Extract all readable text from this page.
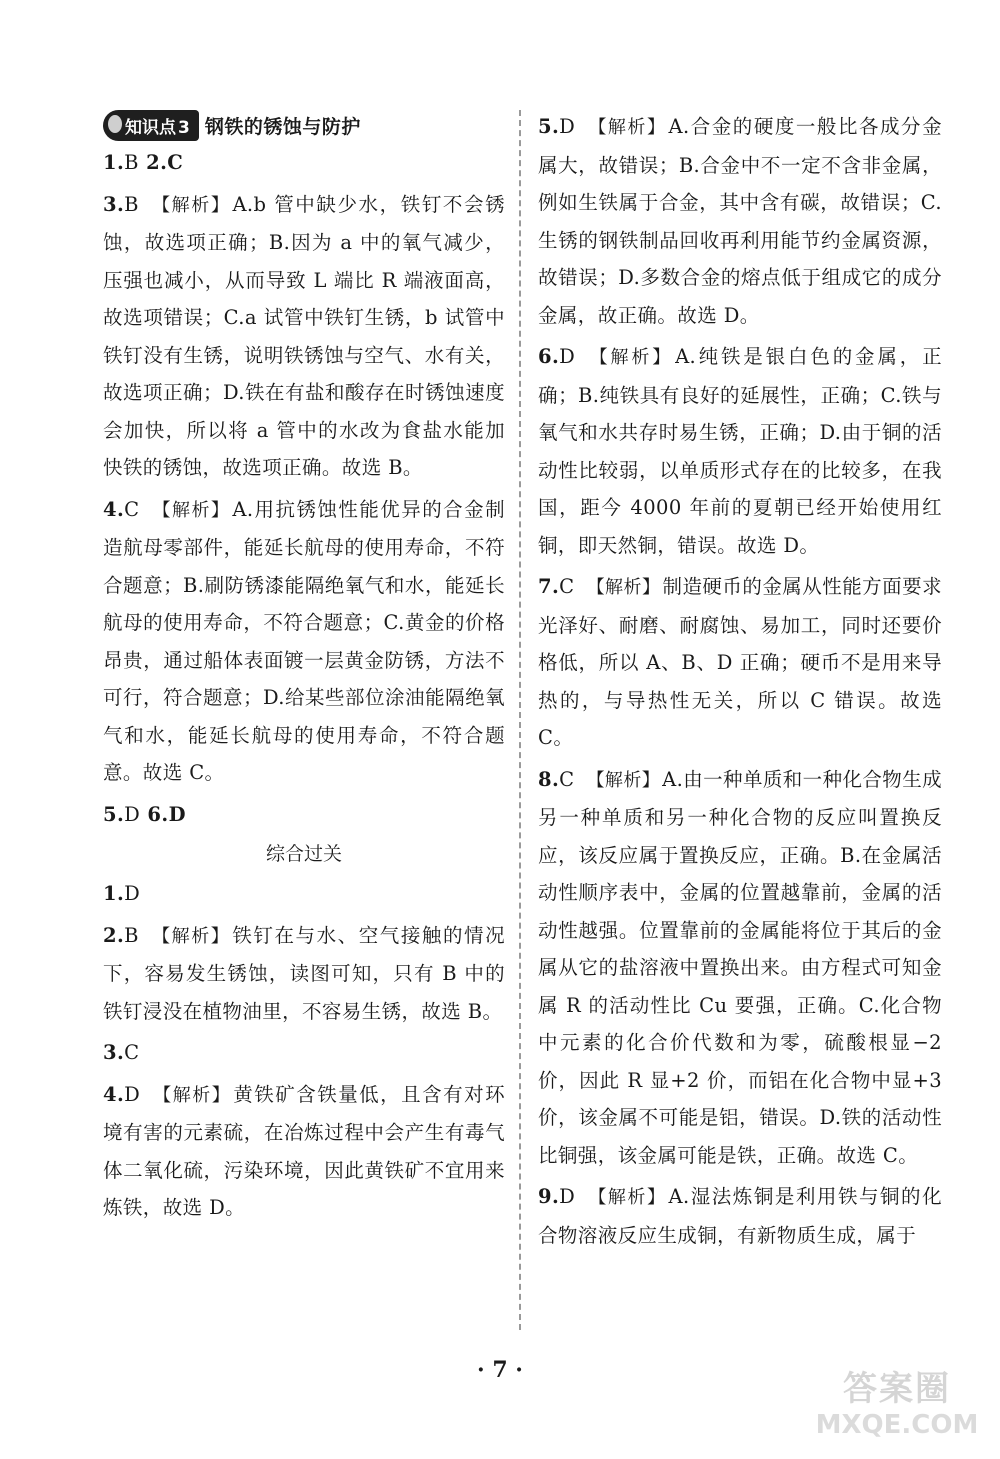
知识点 3 钢铁的锈蚀与防护

1.B 2.C

3.B 【解析】 A.b 管中缺少水，铁钉不会锈蚀，故选项正确；B.因为 a 中的氧气减少，压强也减小，从而导致 L 端比 R 端液面高，故选项错误；C.a 试管中铁钉生锈，b 试管中铁钉没有生锈，说明铁锈蚀与空气、水有关，故选项正确；D.铁在有盐和酸存在时锈蚀速度会加快，所以将 a 管中的水改为食盐水能加快铁的锈蚀，故选项正确。故选 B。

4.C 【解析】 A.用抗锈蚀性能优异的合金制造航母零部件，能延长航母的使用寿命，不符合题意；B.刷防锈漆能隔绝氧气和水，能延长航母的使用寿命，不符合题意；C.黄金的价格昂贵，通过船体表面镀一层黄金防锈，方法不可行，符合题意；D.给某些部位涂油能隔绝氧气和水，能延长航母的使用寿命，不符合题意。故选 C。

5.D 6.D

综合过关

1.D

2.B 【解析】 铁钉在与水、空气接触的情况下，容易发生锈蚀，读图可知，只有 B 中的铁钉浸没在植物油里，不容易生锈，故选 B。

3.C

4.D 【解析】 黄铁矿含铁量低，且含有对环境有害的元素硫，在冶炼过程中会产生有毒气体二氧化硫，污染环境，因此黄铁矿不宜用来炼铁，故选 D。

5.D 【解析】 A.合金的硬度一般比各成分金属大，故错误；B.合金中不一定不含非金属，例如生铁属于合金，其中含有碳，故错误；C.生锈的钢铁制品回收再利用能节约金属资源，故错误；D.多数合金的熔点低于组成它的成分金属，故正确。故选 D。

6.D 【解析】 A.纯铁是银白色的金属，正确；B.纯铁具有良好的延展性，正确；C.铁与氧气和水共存时易生锈，正确；D.由于铜的活动性比较弱，以单质形式存在的比较多，在我国，距今 4000 年前的夏朝已经开始使用红铜，即天然铜，错误。故选 D。

7.C 【解析】 制造硬币的金属从性能方面要求光泽好、耐磨、耐腐蚀、易加工，同时还要价格低，所以 A、B、D 正确；硬币不是用来导热的，与导热性无关，所以 C 错误。故选 C。

8.C 【解析】 A.由一种单质和一种化合物生成另一种单质和另一种化合物的反应叫置换反应，该反应属于置换反应，正确。B.在金属活动性顺序表中，金属的位置越靠前，金属的活动性越强。位置靠前的金属能将位于其后的金属从它的盐溶液中置换出来。由方程式可知金属 R 的活动性比 Cu 要强，正确。C.化合物中元素的化合价代数和为零，硫酸根显−2 价，因此 R 显+2 价，而铝在化合物中显+3 价，该金属不可能是铝，错误。D.铁的活动性比铜强，该金属可能是铁，正确。故选 C。

9.D 【解析】 A.湿法炼铜是利用铁与铜的化合物溶液反应生成铜，有新物质生成，属于

· 7 ·	答案圈
MXQE.COM
